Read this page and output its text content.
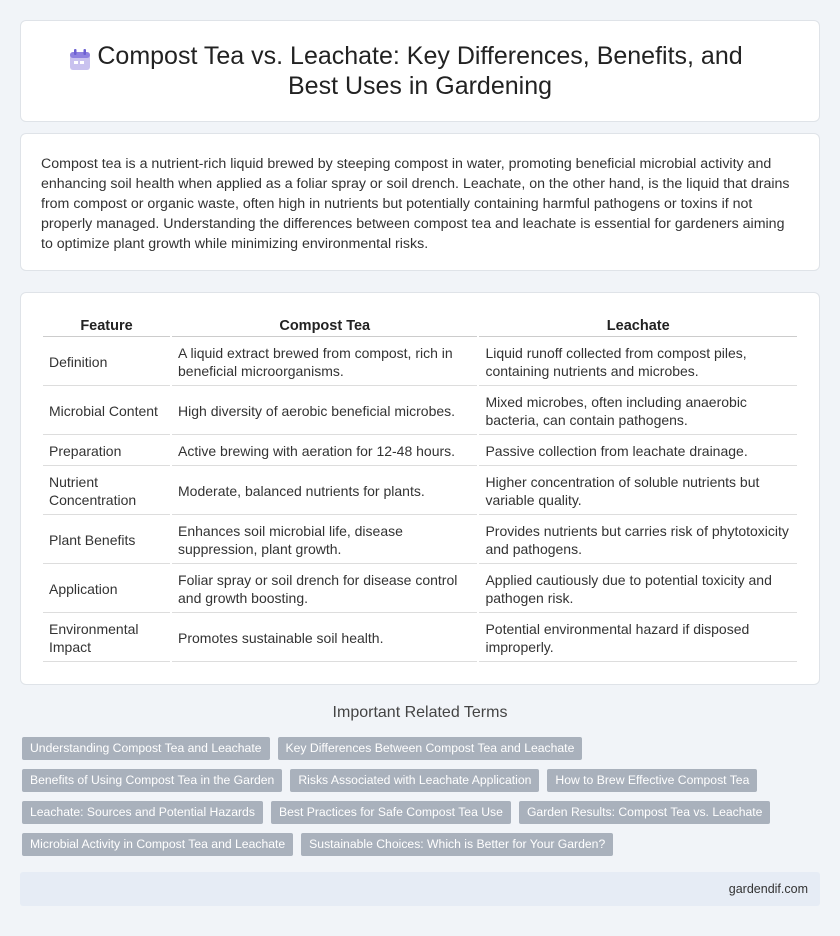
Compost Tea vs. Leachate: Key Differences, Benefits, and Best Uses in Gardening

Compost tea is a nutrient-rich liquid brewed by steeping compost in water, promoting beneficial microbial activity and enhancing soil health when applied as a foliar spray or soil drench. Leachate, on the other hand, is the liquid that drains from compost or organic waste, often high in nutrients but potentially containing harmful pathogens or toxins if not properly managed. Understanding the differences between compost tea and leachate is essential for gardeners aiming to optimize plant growth while minimizing environmental risks.

Feature	Compost Tea	Leachate
Definition	A liquid extract brewed from compost, rich in beneficial microorganisms.	Liquid runoff collected from compost piles, containing nutrients and microbes.
Microbial Content	High diversity of aerobic beneficial microbes.	Mixed microbes, often including anaerobic bacteria, can contain pathogens.
Preparation	Active brewing with aeration for 12-48 hours.	Passive collection from leachate drainage.
Nutrient Concentration	Moderate, balanced nutrients for plants.	Higher concentration of soluble nutrients but variable quality.
Plant Benefits	Enhances soil microbial life, disease suppression, plant growth.	Provides nutrients but carries risk of phytotoxicity and pathogens.
Application	Foliar spray or soil drench for disease control and growth boosting.	Applied cautiously due to potential toxicity and pathogen risk.
Environmental Impact	Promotes sustainable soil health.	Potential environmental hazard if disposed improperly.
Important Related Terms
Understanding Compost Tea and Leachate	Key Differences Between Compost Tea and Leachate
Benefits of Using Compost Tea in the Garden	Risks Associated with Leachate Application	How to Brew Effective Compost Tea
Leachate: Sources and Potential Hazards	Best Practices for Safe Compost Tea Use	Garden Results: Compost Tea vs. Leachate
Microbial Activity in Compost Tea and Leachate	Sustainable Choices: Which is Better for Your Garden?
gardendif.com
